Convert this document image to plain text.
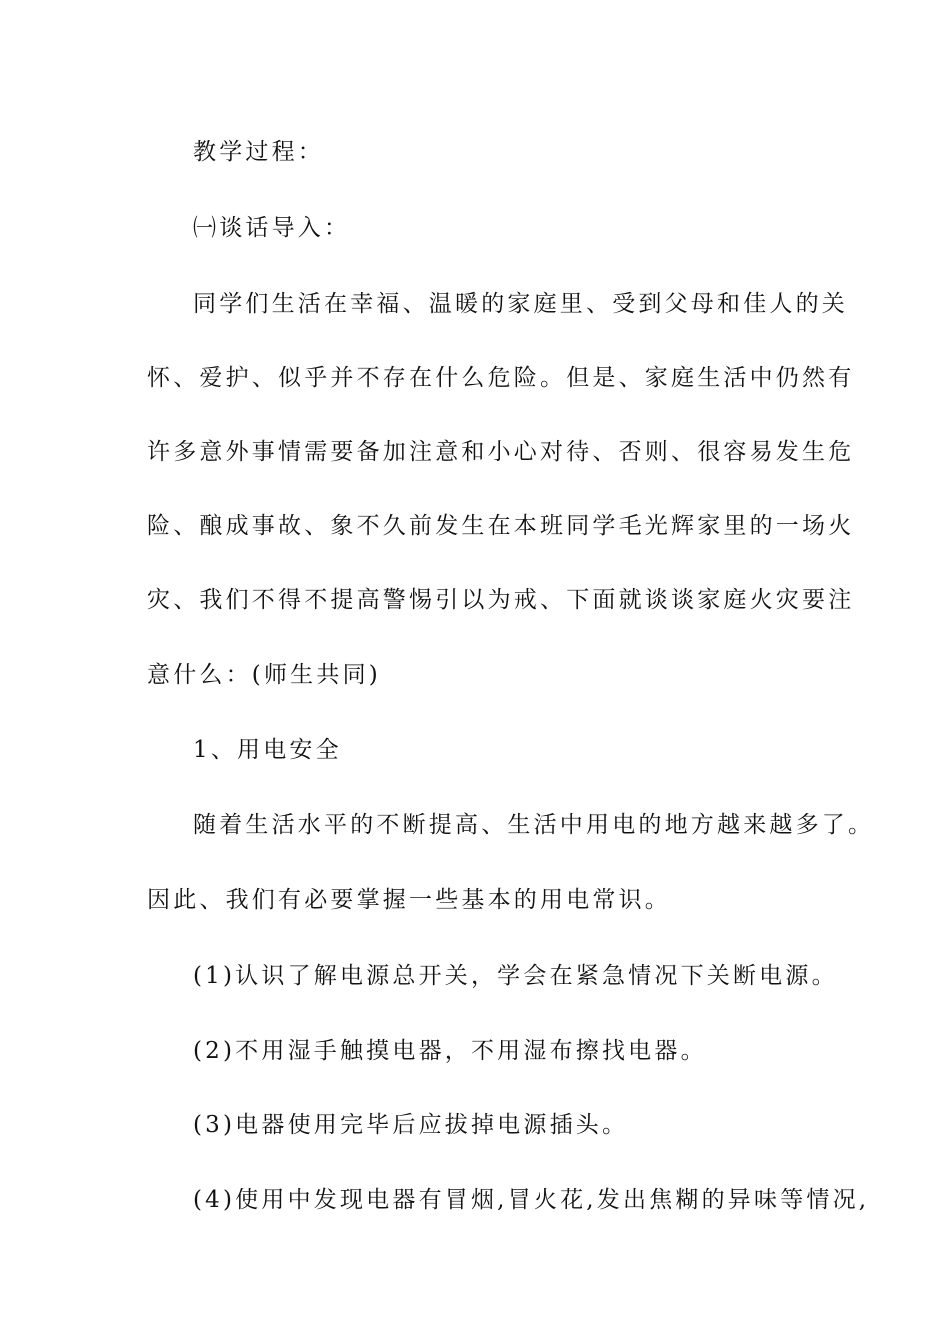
教学过程：
㈠谈话导入：
同学们生活在幸福、温暖的家庭里、受到父母和佳人的关
怀、爱护、似乎并不存在什么危险。但是、家庭生活中仍然有
许多意外事情需要备加注意和小心对待、否则、很容易发生危
险、酿成事故、象不久前发生在本班同学毛光辉家里的一场火
灾、我们不得不提高警惕引以为戒、下面就谈谈家庭火灾要注
意什么：(师生共同)
1、用电安全
随着生活水平的不断提高、生活中用电的地方越来越多了。
因此、我们有必要掌握一些基本的用电常识。
(1)认识了解电源总开关，学会在紧急情况下关断电源。
(2)不用湿手触摸电器，不用湿布擦找电器。
(3)电器使用完毕后应拔掉电源插头。
(4)使用中发现电器有冒烟,冒火花,发出焦糊的异味等情况,
